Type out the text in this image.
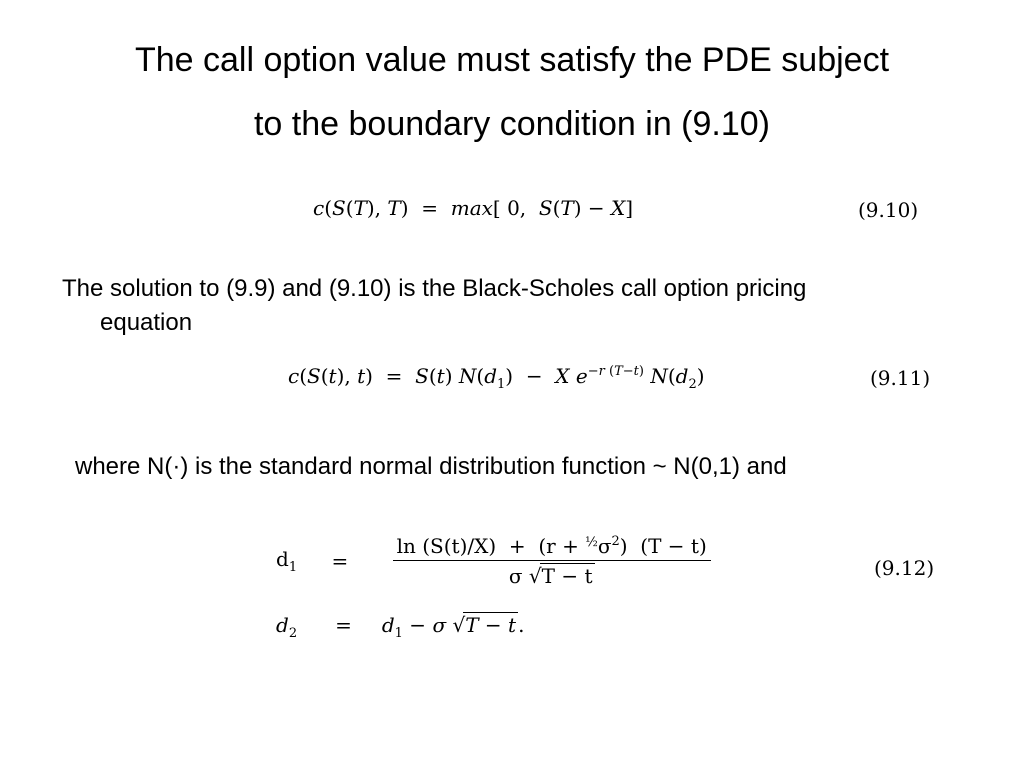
The call option value must satisfy the PDE subject
to the boundary condition in (9.10)
c(S(T), T)  =  max[ 0,  S(T) − X]	(9.10)
The solution to (9.9) and (9.10) is the Black-Scholes call option pricing
equation
c(S(t), t)  =  S(t) $N(d_1) - X$ $e^{-r (T-t)}$ $N(d_2)$	(9.11)
where N(·) is the standard normal distribution function ~ N(0,1) and
$d_1 = \frac{\ln (S(t)/X) + (r + ^{\frac{1}{2}}\sigma^2) (T - t)}{\sigma √T - t}$	(9.12)
$d_2 = d_1 - \sigma$ √T − t .
